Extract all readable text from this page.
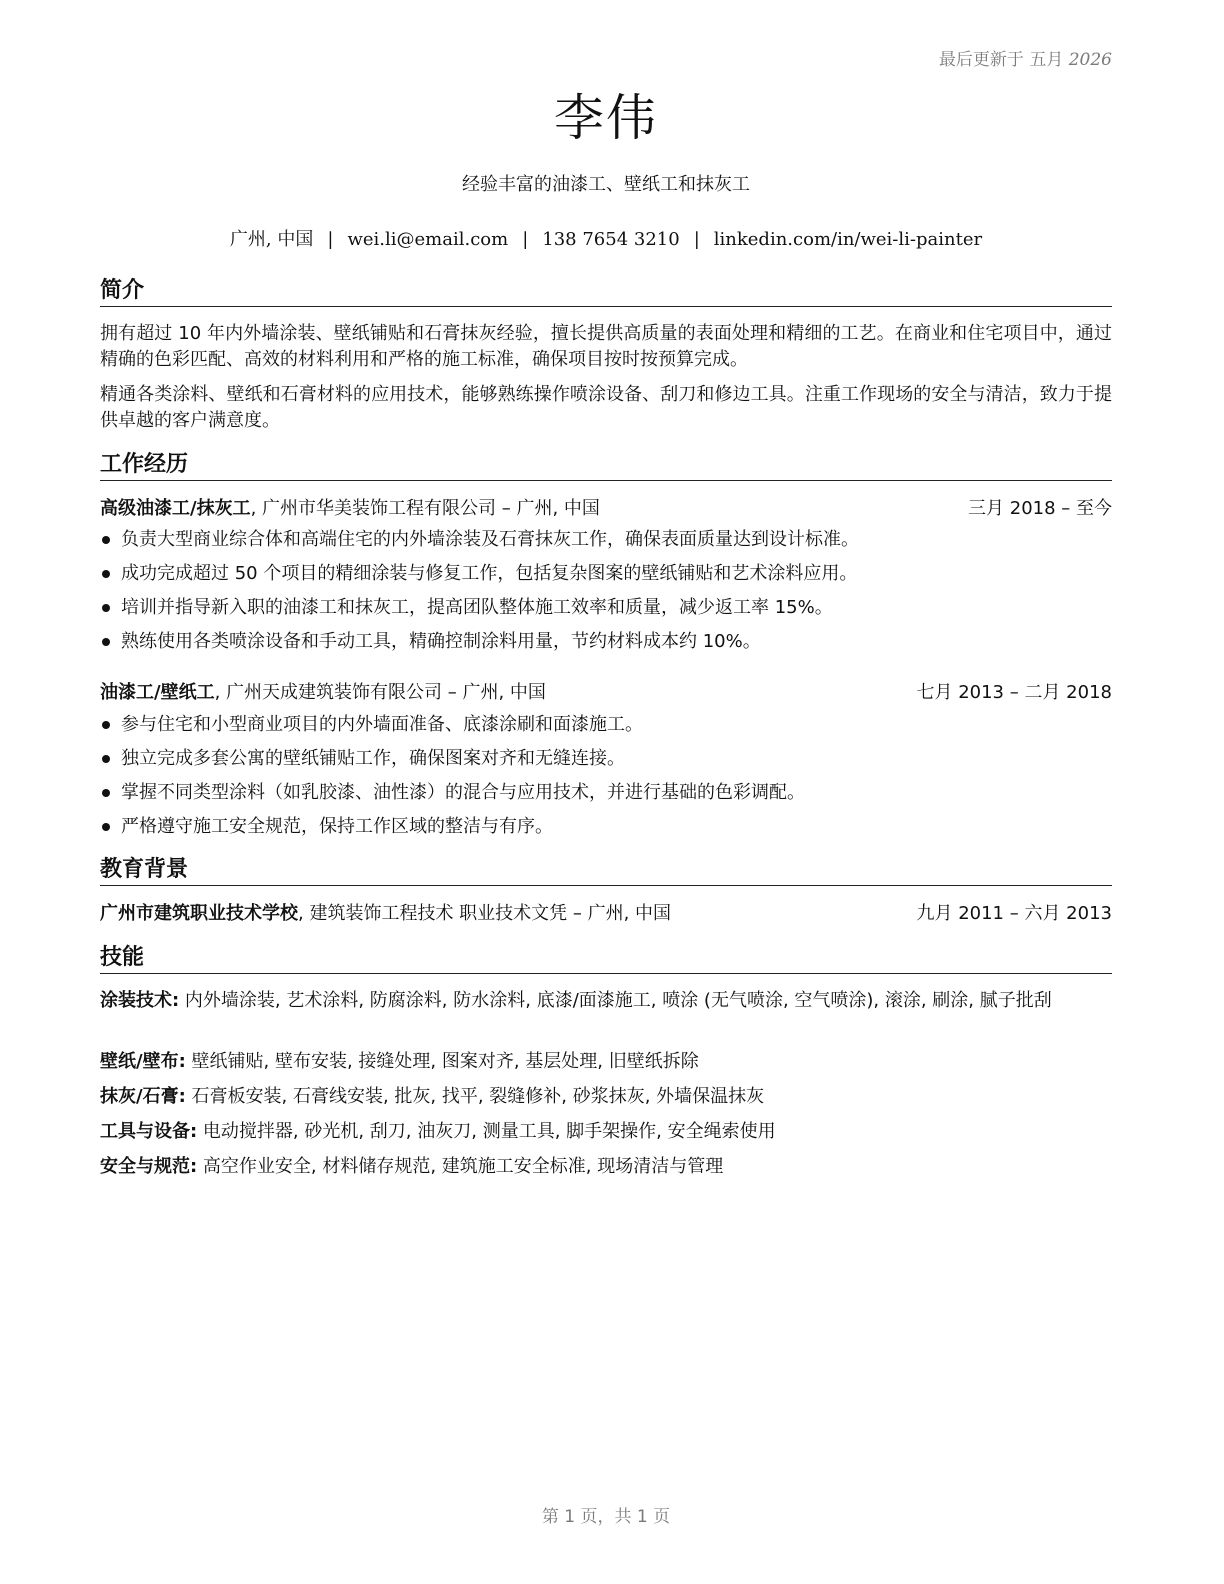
最后更新于 五月 2026
李伟
经验丰富的油漆工、壁纸工和抹灰工
广州, 中国 | wei.li@email.com | 138 7654 3210 | linkedin.com/in/wei-li-painter
简介
拥有超过 10 年内外墙涂装、壁纸铺贴和石膏抹灰经验，擅长提供高质量的表面处理和精细的工艺。在商业和住宅项目中，通过精确的色彩匹配、高效的材料利用和严格的施工标准，确保项目按时按预算完成。
精通各类涂料、壁纸和石膏材料的应用技术，能够熟练操作喷涂设备、刮刀和修边工具。注重工作现场的安全与清洁，致力于提供卓越的客户满意度。
工作经历
高级油漆工/抹灰工, 广州市华美装饰工程有限公司 – 广州, 中国	三月 2018 – 至今
负责大型商业综合体和高端住宅的内外墙涂装及石膏抹灰工作，确保表面质量达到设计标准。
成功完成超过 50 个项目的精细涂装与修复工作，包括复杂图案的壁纸铺贴和艺术涂料应用。
培训并指导新入职的油漆工和抹灰工，提高团队整体施工效率和质量，减少返工率 15%。
熟练使用各类喷涂设备和手动工具，精确控制涂料用量，节约材料成本约 10%。
油漆工/壁纸工, 广州天成建筑装饰有限公司 – 广州, 中国	七月 2013 – 二月 2018
参与住宅和小型商业项目的内外墙面准备、底漆涂刷和面漆施工。
独立完成多套公寓的壁纸铺贴工作，确保图案对齐和无缝连接。
掌握不同类型涂料（如乳胶漆、油性漆）的混合与应用技术，并进行基础的色彩调配。
严格遵守施工安全规范，保持工作区域的整洁与有序。
教育背景
广州市建筑职业技术学校, 建筑装饰工程技术 职业技术文凭 – 广州, 中国	九月 2011 – 六月 2013
技能
涂装技术: 内外墙涂装, 艺术涂料, 防腐涂料, 防水涂料, 底漆/面漆施工, 喷涂 (无气喷涂, 空气喷涂), 滚涂, 刷涂, 腻子批刮
壁纸/壁布: 壁纸铺贴, 壁布安装, 接缝处理, 图案对齐, 基层处理, 旧壁纸拆除
抹灰/石膏: 石膏板安装, 石膏线安装, 批灰, 找平, 裂缝修补, 砂浆抹灰, 外墙保温抹灰
工具与设备: 电动搅拌器, 砂光机, 刮刀, 油灰刀, 测量工具, 脚手架操作, 安全绳索使用
安全与规范: 高空作业安全, 材料储存规范, 建筑施工安全标准, 现场清洁与管理
第 1 页，共 1 页
